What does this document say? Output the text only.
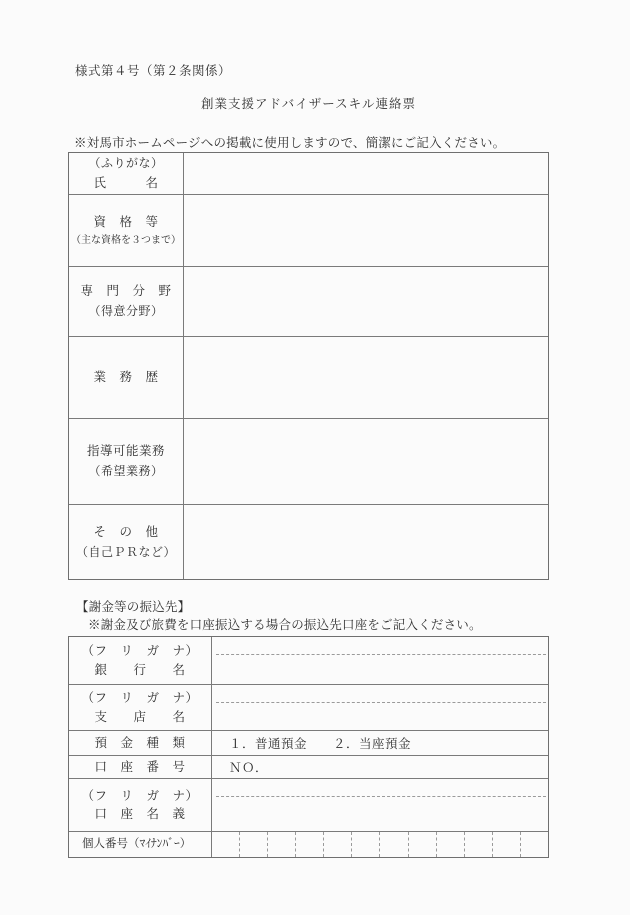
様式第４号（第２条関係）
創業支援アドバイザースキル連絡票
※対馬市ホームページへの掲載に使用しますので、簡潔にご記入ください。
（ふりがな）
氏　　　名
資　格　等
（主な資格を３つまで）
専　門　分　野
（得意分野）
業　務　歴
指導可能業務
（希望業務）
そ　の　他
（自己ＰＲなど）
【謝金等の振込先】
※謝金及び旅費を口座振込する場合の振込先口座をご記入ください。
（フ　リ　ガ　ナ）
銀　　行　　名
（フ　リ　ガ　ナ）
支　　店　　名
預　金　種　類	１．普通預金　　２．当座預金
口　座　番　号	ＮＯ．
（フ　リ　ガ　ナ）
口　座　名　義
個人番号（ﾏｲﾅﾝﾊﾞｰ）
